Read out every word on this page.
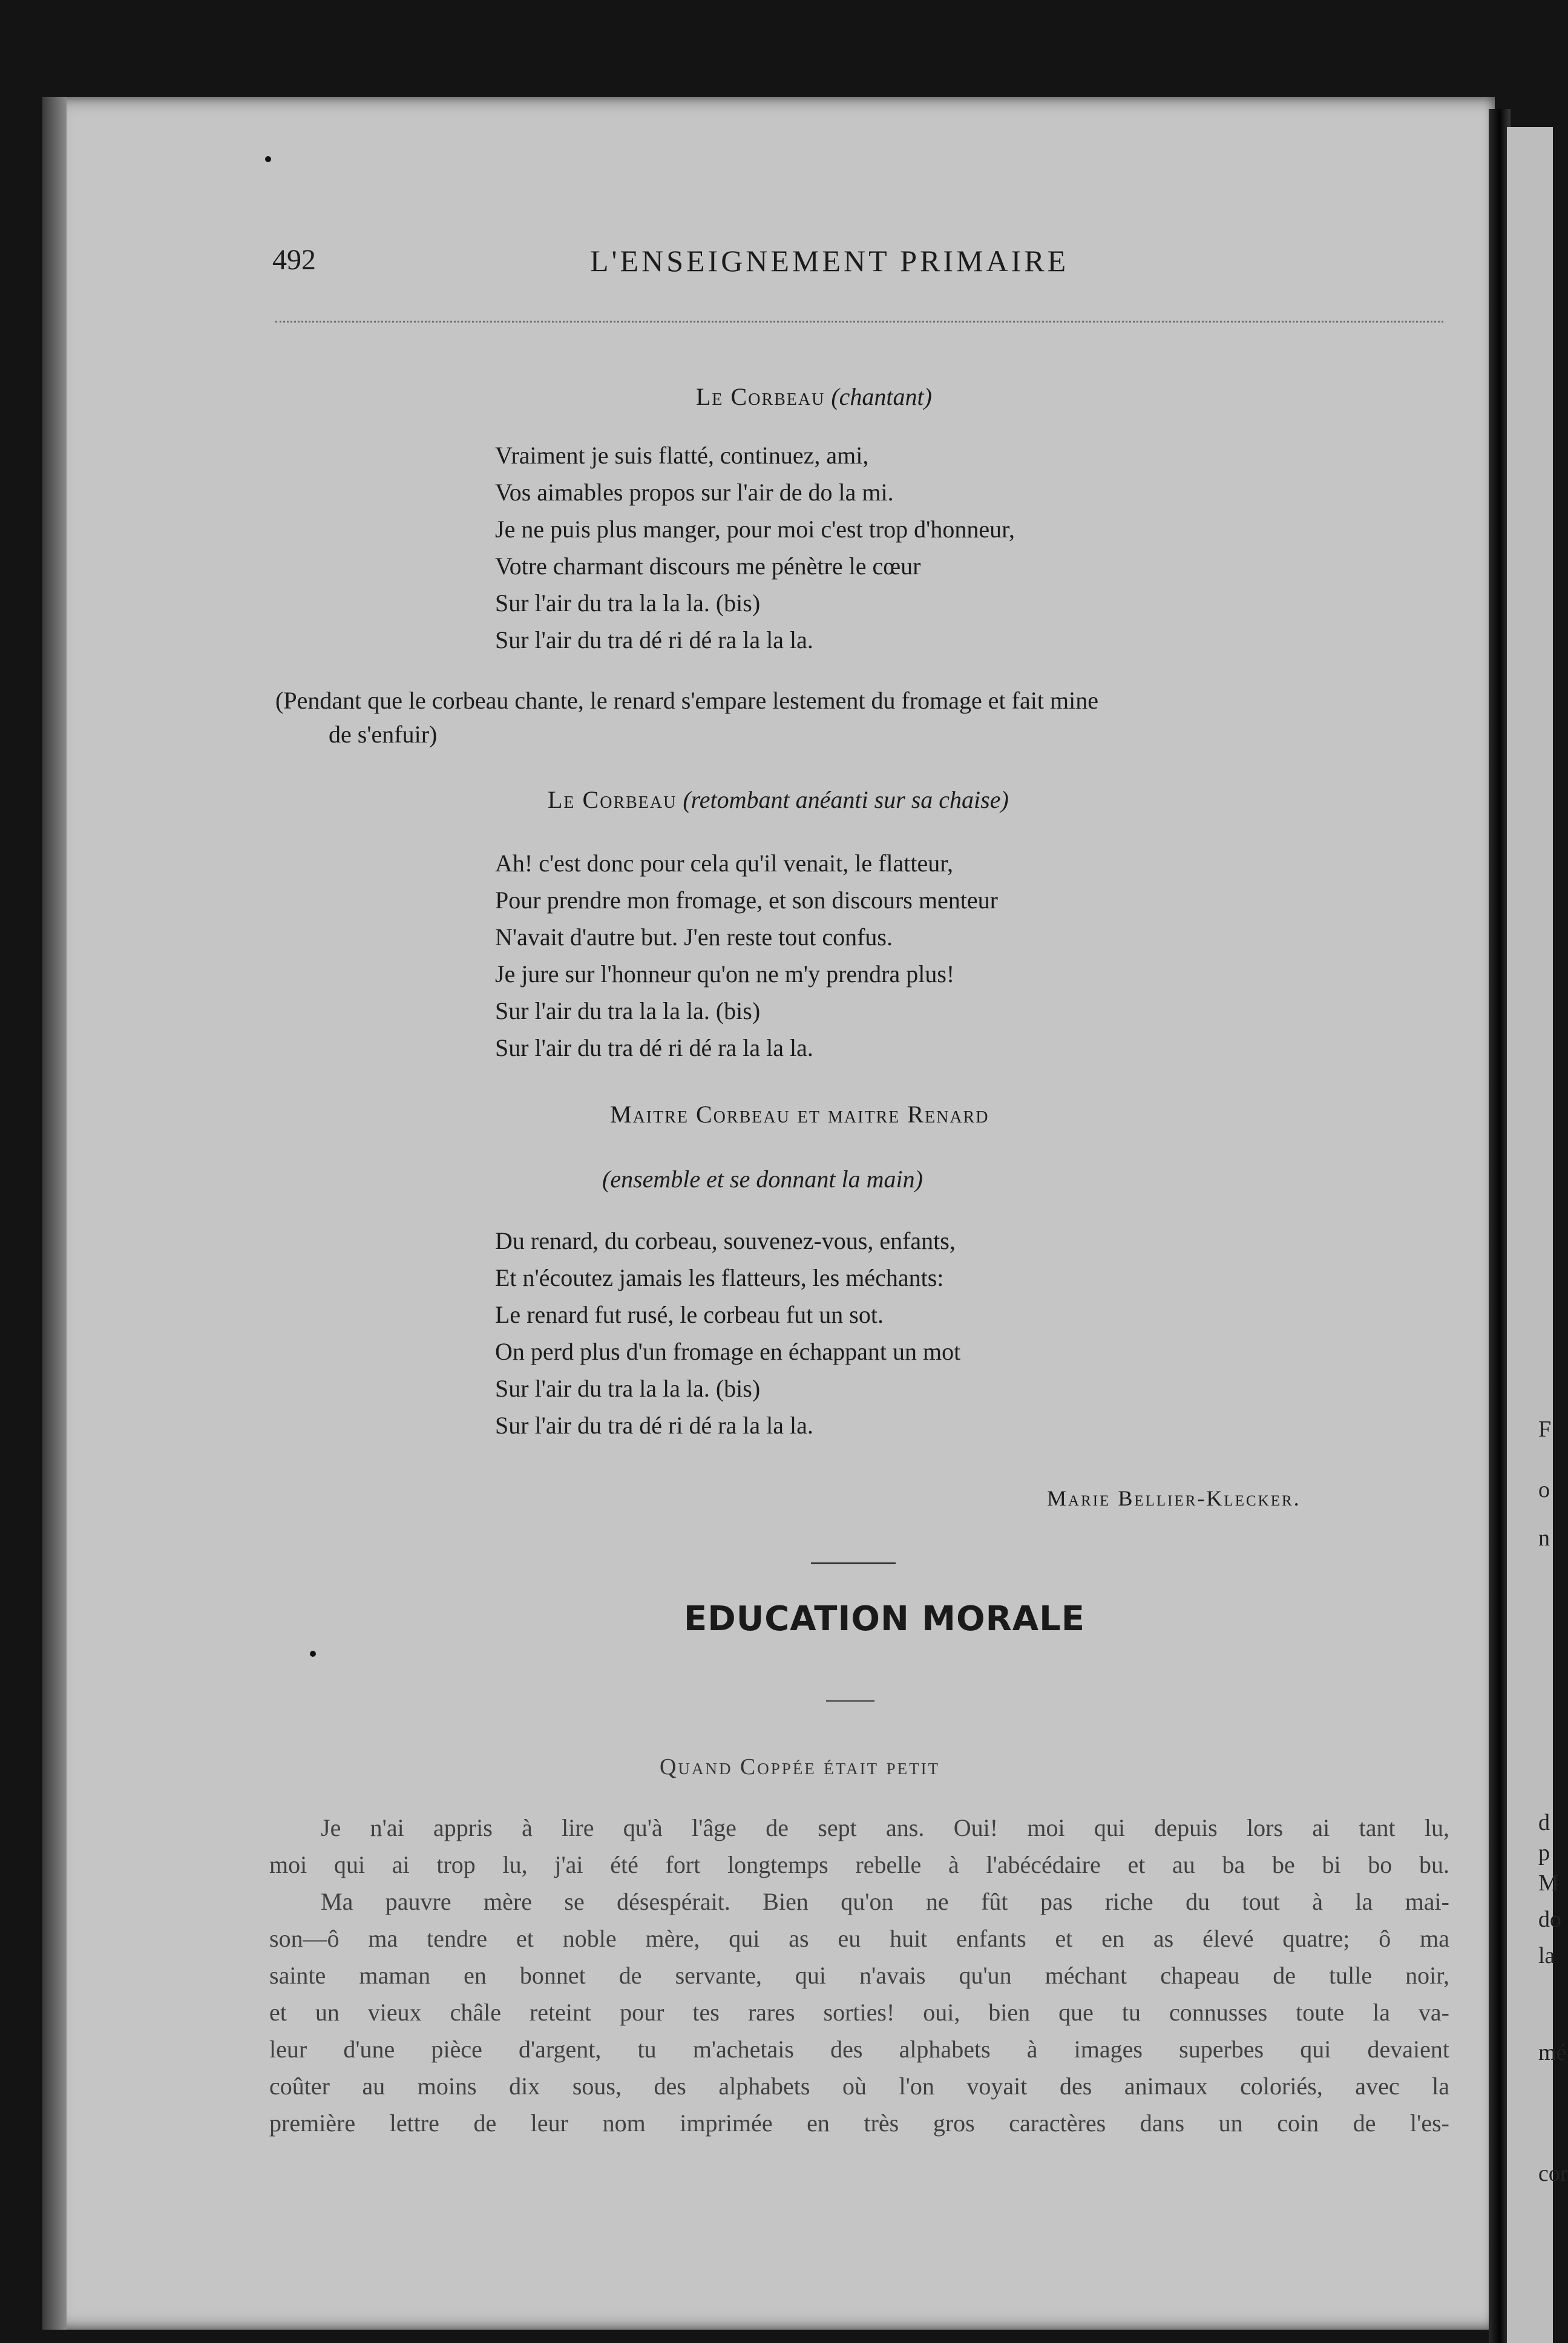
F
o
n
d
p
M
do
la
mé
cor
492	L'ENSEIGNEMENT PRIMAIRE
Le Corbeau (chantant)
Vraiment je suis flatté, continuez, ami,
Vos aimables propos sur l'air de do la mi.
Je ne puis plus manger, pour moi c'est trop d'honneur,
Votre charmant discours me pénètre le cœur
Sur l'air du tra la la la. (bis)
Sur l'air du tra dé ri dé ra la la la.
(Pendant que le corbeau chante, le renard s'empare lestement du fromage et fait mine
de s'enfuir)
Le Corbeau (retombant anéanti sur sa chaise)
Ah! c'est donc pour cela qu'il venait, le flatteur,
Pour prendre mon fromage, et son discours menteur
N'avait d'autre but. J'en reste tout confus.
Je jure sur l'honneur qu'on ne m'y prendra plus!
Sur l'air du tra la la la. (bis)
Sur l'air du tra dé ri dé ra la la la.
Maitre Corbeau et maitre Renard
(ensemble et se donnant la main)
Du renard, du corbeau, souvenez-vous, enfants,
Et n'écoutez jamais les flatteurs, les méchants:
Le renard fut rusé, le corbeau fut un sot.
On perd plus d'un fromage en échappant un mot
Sur l'air du tra la la la. (bis)
Sur l'air du tra dé ri dé ra la la la.
Marie Bellier-Klecker.
EDUCATION MORALE
Quand Coppée était petit
Je n'ai appris à lire qu'à l'âge de sept ans. Oui! moi qui depuis lors ai tant lu,
moi qui ai trop lu, j'ai été fort longtemps rebelle à l'abécédaire et au ba be bi bo bu.
Ma pauvre mère se désespérait. Bien qu'on ne fût pas riche du tout à la mai-
son—ô ma tendre et noble mère, qui as eu huit enfants et en as élevé quatre; ô ma
sainte maman en bonnet de servante, qui n'avais qu'un méchant chapeau de tulle noir,
et un vieux châle reteint pour tes rares sorties! oui, bien que tu connusses toute la va-
leur d'une pièce d'argent, tu m'achetais des alphabets à images superbes qui devaient
coûter au moins dix sous, des alphabets où l'on voyait des animaux coloriés, avec la
première lettre de leur nom imprimée en très gros caractères dans un coin de l'es-
